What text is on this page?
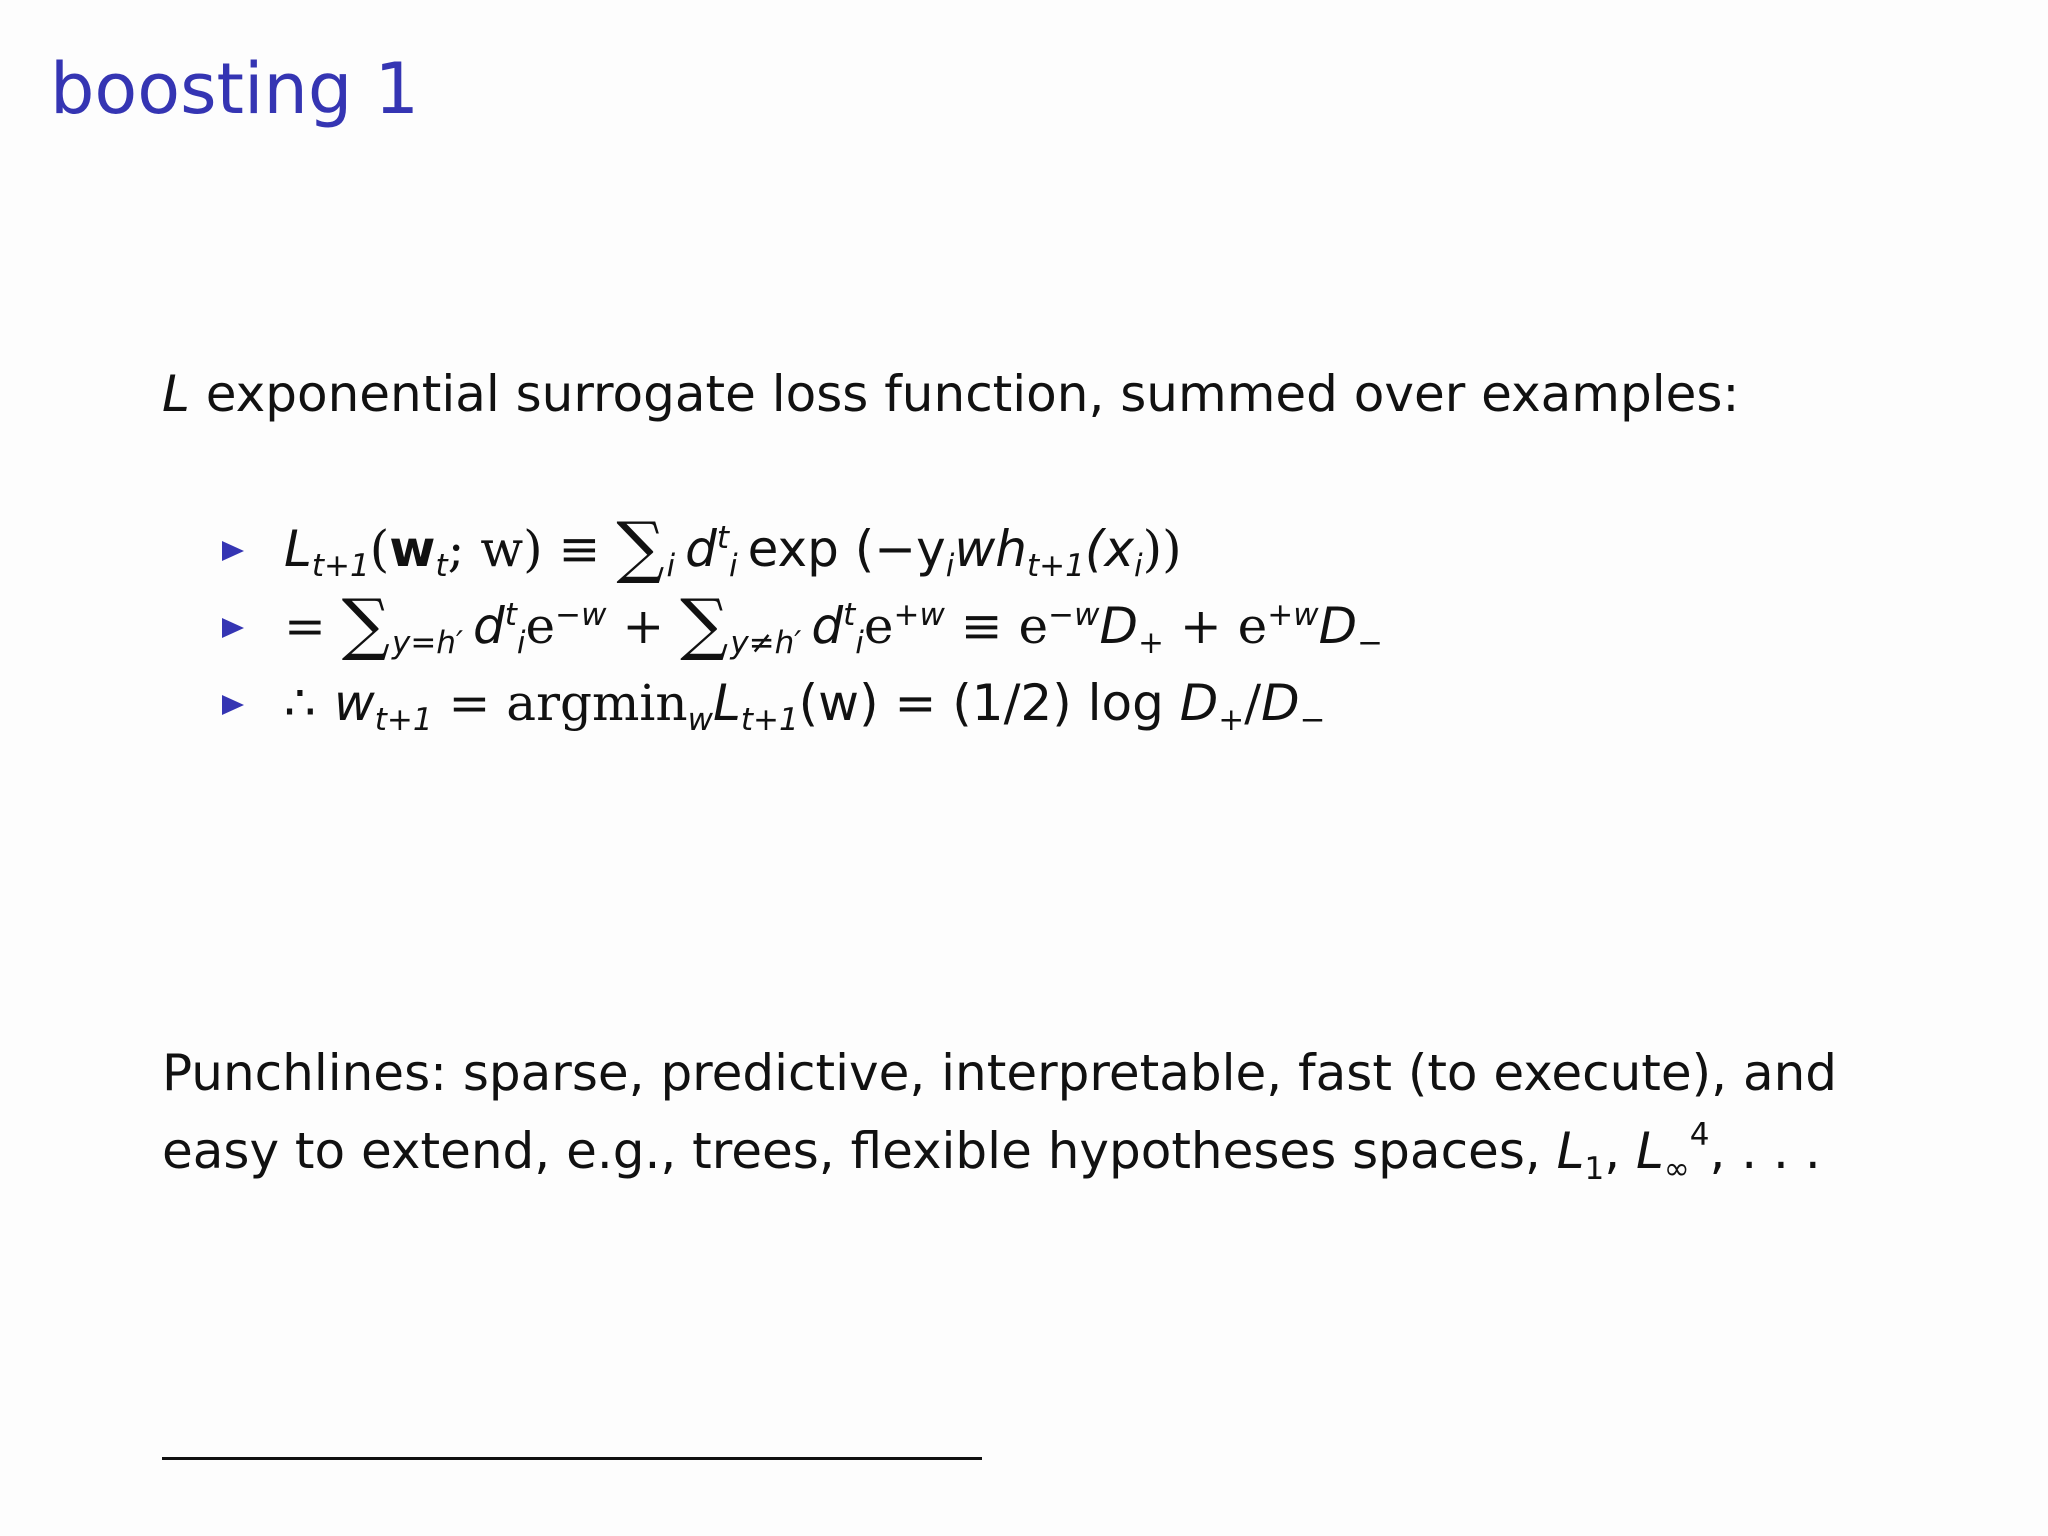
boosting 1
L exponential surrogate loss function, summed over examples:
$L_{t+1}(w_t$; $w) \equiv \sum_i$ $d^t_i$ $\exp (-y_iwh_{t+1}(x_i))$
= $\sum_{y=h'}$ $d^t_ie^{-w} + \sum_{y\ne h'}$ $d^t_ie^{+w} \equiv e^{-w}D_+ + e^{+w}D_-$
∴ $w_{t+1} = argmin_wL_{t+1}(w) = (1/2)$ $\log D_+/D_-$
Punchlines: sparse, predictive, interpretable, fast (to execute), and
easy to extend, e.g., trees, flexible hypotheses spaces, $L_1$, $L_\infty^4$, . . .
